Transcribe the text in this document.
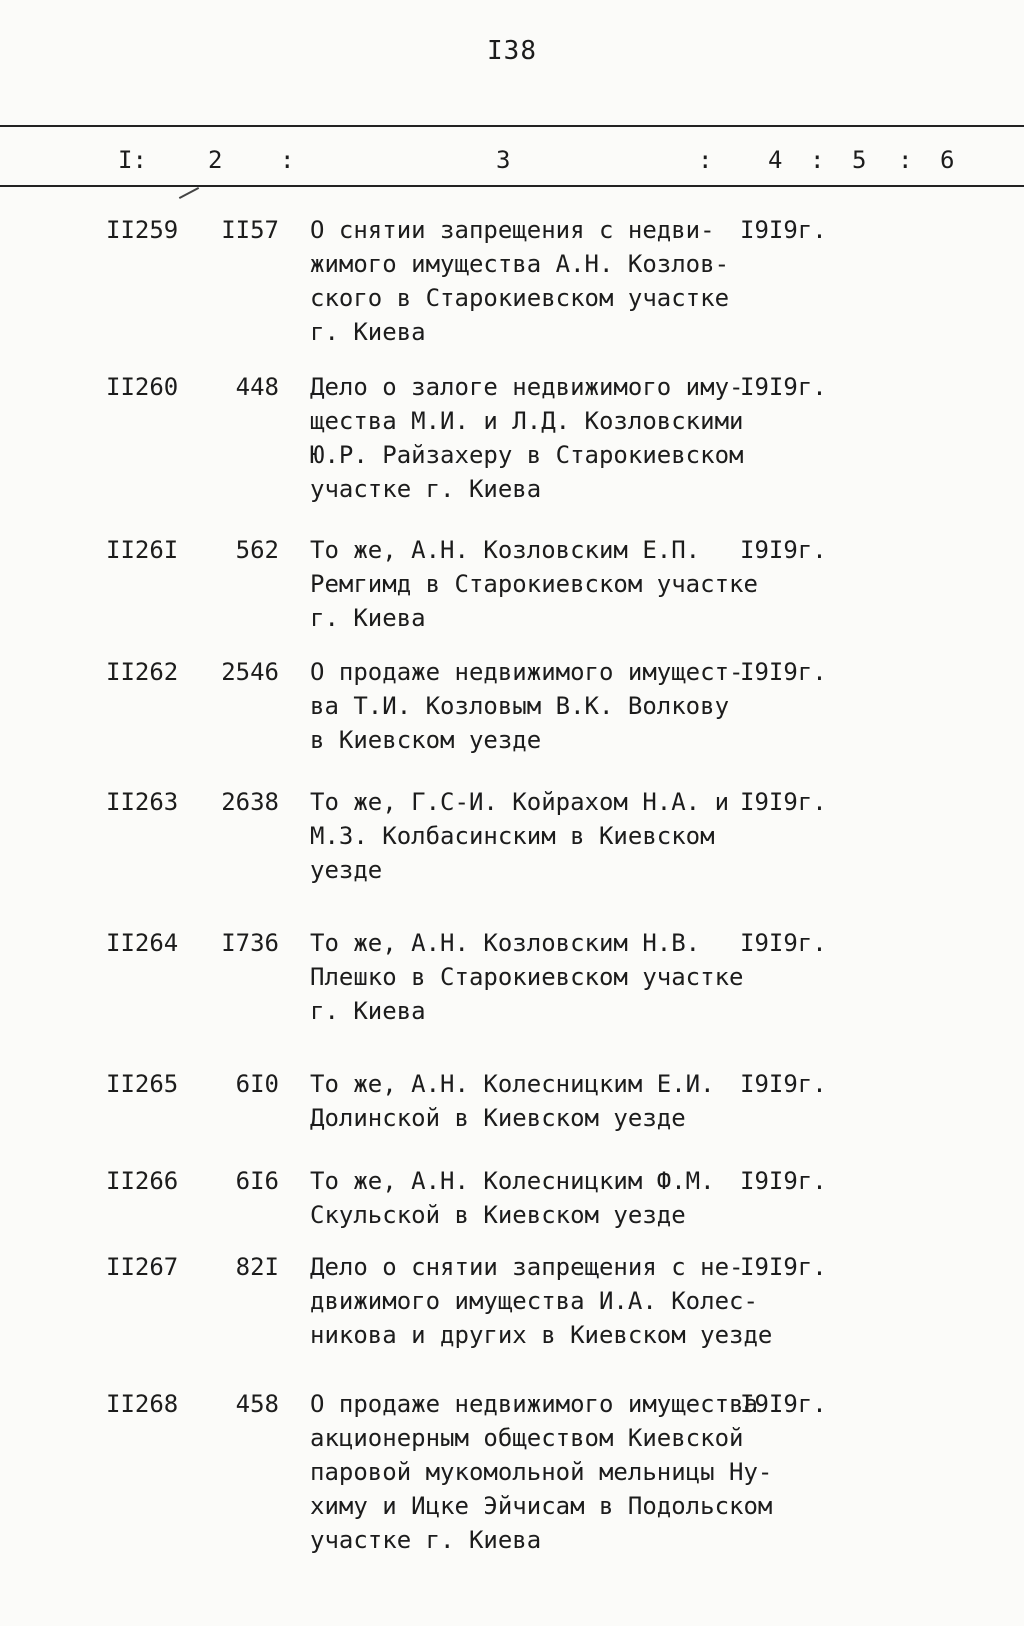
I38
I:	2 :	3	: 4 : 5 : 6
II259 II57 О снятии запрещения с недви-
жимого имущества А.Н. Козлов-
ского в Старокиевском участке
г. Киева
I9I9г.
II260 448 Дело о залоге недвижимого иму-
щества М.И. и Л.Д. Козловскими
Ю.Р. Райзахеру в Старокиевском
участке г. Киева
I9I9г.
II26I 562 То же, А.Н. Козловским Е.П.
Ремгимд в Старокиевском участке
г. Киева
I9I9г.
II262 2546 О продаже недвижимого имущест-
ва Т.И. Козловым В.К. Волкову
в Киевском уезде
I9I9г.
II263 2638 То же, Г.С-И. Койрахом Н.А. и
М.З. Колбасинским в Киевском
уезде
I9I9г.
II264 I736 То же, А.Н. Козловским Н.В.
Плешко в Старокиевском участке
г. Киева
I9I9г.
II265 6I0 То же, А.Н. Колесницким Е.И.
Долинской в Киевском уезде
I9I9г.
II266 6I6 То же, А.Н. Колесницким Ф.М.
Скульской в Киевском уезде
I9I9г.
II267 82I Дело о снятии запрещения с не-
движимого имущества И.А. Колес-
никова и других в Киевском уезде
I9I9г.
II268 458 О продаже недвижимого имущества
акционерным обществом Киевской
паровой мукомольной мельницы Ну-
химу и Ицке Эйчисам в Подольском
участке г. Киева
I9I9г.
